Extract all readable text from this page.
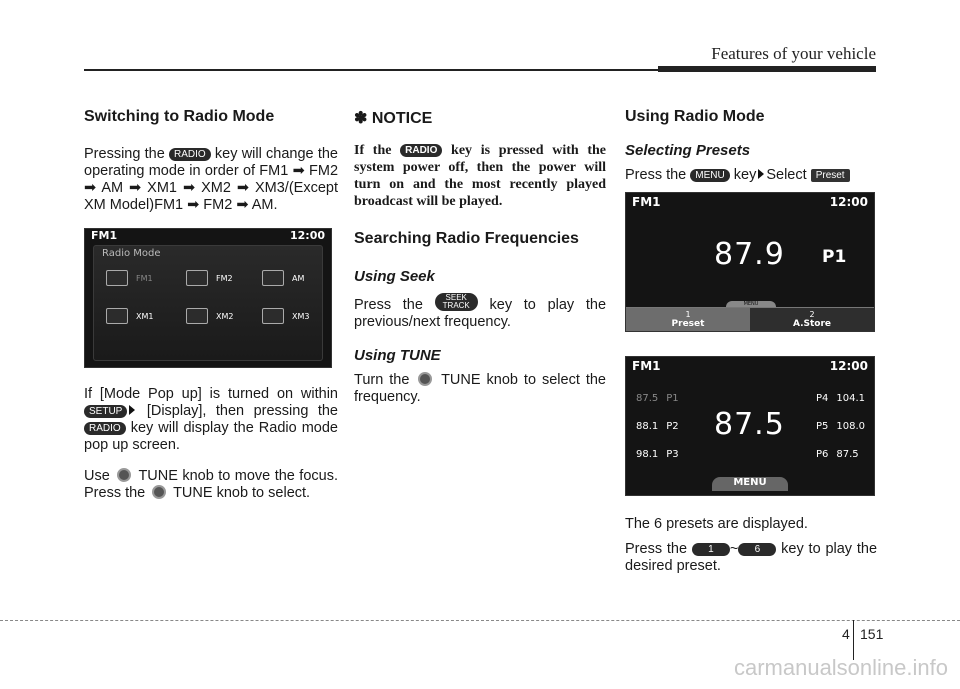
Features of your vehicle
Switching to Radio Mode

Pressing the RADIO key will change the operating mode in order of FM1 ➡ FM2 ➡ AM ➡ XM1 ➡ XM2 ➡ XM3/(Except XM Model)FM1 ➡ FM2 ➡ AM.

FM1	12:00
Radio Mode
FM1	FM2	AM
XM1	XM2	XM3

If [Mode Pop up] is turned on within SETUP [Display], then pressing the RADIO key will display the Radio mode pop up screen.

Use TUNE knob to move the focus. Press the TUNE knob to select.

✽ NOTICE

If the RADIO key is pressed with the system power off, then the power will turn on and the most recently played broadcast will be played.

Searching Radio Frequencies
Using Seek

Press the	SEEK
TRACK key to play the previous/next frequency.

Using TUNE

Turn the TUNE knob to select the frequency.

Using Radio Mode
Selecting Presets

Press the MENU key Select Preset

FM1	12:00
87.9 P1
MENU
1
Preset
2
A.Store
FM1	12:00
87.5 P1
88.1 P2
98.1 P3
87.5
P4 104.1
P5 108.0
P6 87.5
MENU

The 6 presets are displayed.

Press the 1 ~ 6 key to play the desired preset.

4 151
carmanualsonline.info
